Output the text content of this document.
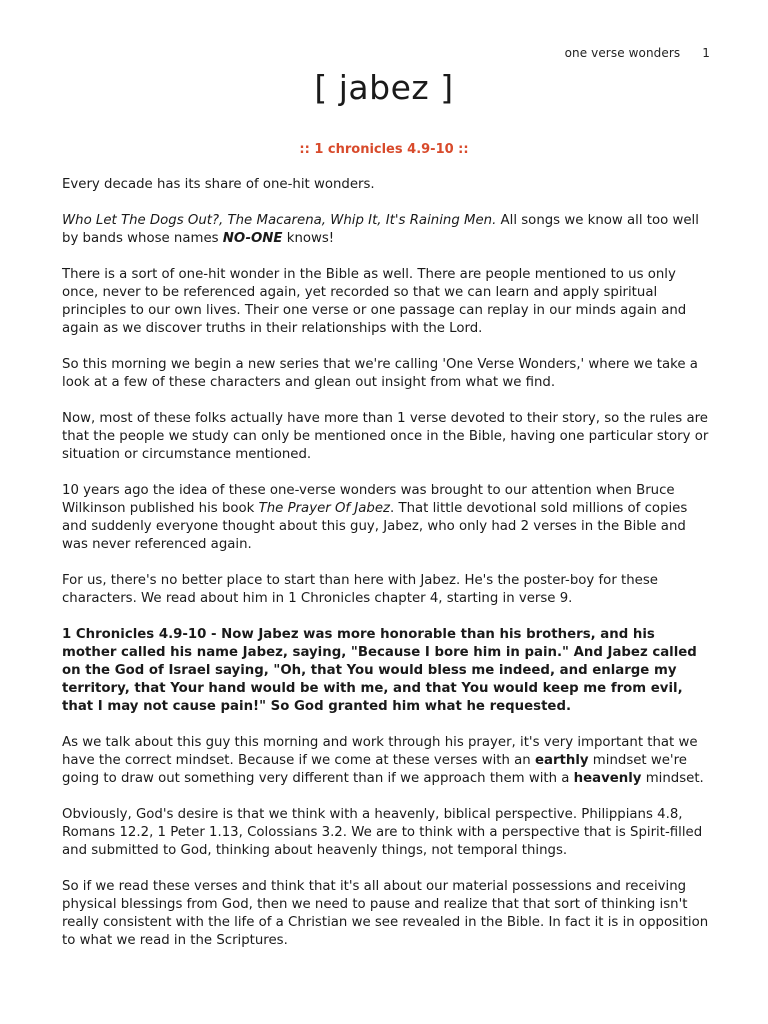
one verse wonders 1
[ jabez ]
:: 1 chronicles 4.9-10 ::

Every decade has its share of one-hit wonders.

Who Let The Dogs Out?, The Macarena, Whip It, It's Raining Men. All songs we know all too well by bands whose names NO-ONE knows!

There is a sort of one-hit wonder in the Bible as well. There are people mentioned to us only once, never to be referenced again, yet recorded so that we can learn and apply spiritual principles to our own lives. Their one verse or one passage can replay in our minds again and again as we discover truths in their relationships with the Lord.

So this morning we begin a new series that we're calling 'One Verse Wonders,' where we take a look at a few of these characters and glean out insight from what we find.

Now, most of these folks actually have more than 1 verse devoted to their story, so the rules are that the people we study can only be mentioned once in the Bible, having one particular story or situation or circumstance mentioned.

10 years ago the idea of these one-verse wonders was brought to our attention when Bruce Wilkinson published his book The Prayer Of Jabez. That little devotional sold millions of copies and suddenly everyone thought about this guy, Jabez, who only had 2 verses in the Bible and was never referenced again.

For us, there's no better place to start than here with Jabez. He's the poster-boy for these characters. We read about him in 1 Chronicles chapter 4, starting in verse 9.

1 Chronicles 4.9-10 - Now Jabez was more honorable than his brothers, and his mother called his name Jabez, saying, "Because I bore him in pain." And Jabez called on the God of Israel saying, "Oh, that You would bless me indeed, and enlarge my territory, that Your hand would be with me, and that You would keep me from evil, that I may not cause pain!" So God granted him what he requested.

As we talk about this guy this morning and work through his prayer, it's very important that we have the correct mindset. Because if we come at these verses with an earthly mindset we're going to draw out something very different than if we approach them with a heavenly mindset.

Obviously, God's desire is that we think with a heavenly, biblical perspective. Philippians 4.8, Romans 12.2, 1 Peter 1.13, Colossians 3.2. We are to think with a perspective that is Spirit-filled and submitted to God, thinking about heavenly things, not temporal things.

So if we read these verses and think that it's all about our material possessions and receiving physical blessings from God, then we need to pause and realize that that sort of thinking isn't really consistent with the life of a Christian we see revealed in the Bible. In fact it is in opposition to what we read in the Scriptures.
